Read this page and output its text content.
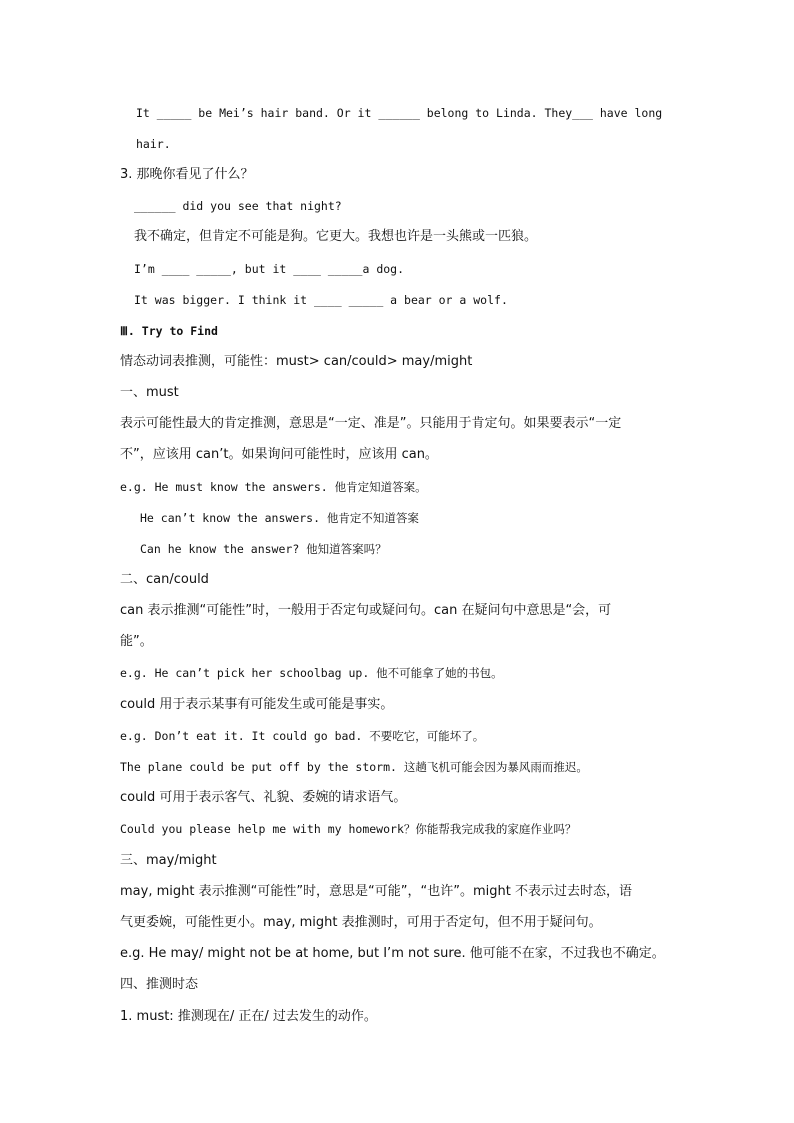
It _____ be Mei’s hair band. Or it ______ belong to Linda. They___ have long
hair.
3. 那晚你看见了什么？
______ did you see that night?
我不确定，但肯定不可能是狗。它更大。我想也许是一头熊或一匹狼。
I’m ____ _____, but it ____ _____a dog.
It was bigger. I think it ____ _____ a bear or a wolf.
Ⅲ. Try to Find
情态动词表推测，可能性：must> can/could> may/might
一、must
表示可能性最大的肯定推测，意思是“一定、准是”。只能用于肯定句。如果要表示“一定
不”，应该用 can’t。如果询问可能性时，应该用 can。
e.g. He must know the answers. 他肯定知道答案。
He can’t know the answers. 他肯定不知道答案
Can he know the answer? 他知道答案吗？
二、can/could
can 表示推测“可能性”时，一般用于否定句或疑问句。can 在疑问句中意思是“会，可
能”。
e.g. He can’t pick her schoolbag up. 他不可能拿了她的书包。
could 用于表示某事有可能发生或可能是事实。
e.g. Don’t eat it. It could go bad. 不要吃它，可能坏了。
The plane could be put off by the storm. 这趟飞机可能会因为暴风雨而推迟。
could 可用于表示客气、礼貌、委婉的请求语气。
Could you please help me with my homework？你能帮我完成我的家庭作业吗？
三、may/might
may, might 表示推测“可能性”时，意思是“可能”，“也许”。might 不表示过去时态，语
气更委婉，可能性更小。may, might 表推测时，可用于否定句，但不用于疑问句。
e.g. He may/ might not be at home, but I’m not sure. 他可能不在家，不过我也不确定。
四、推测时态
1. must: 推测现在/ 正在/ 过去发生的动作。
